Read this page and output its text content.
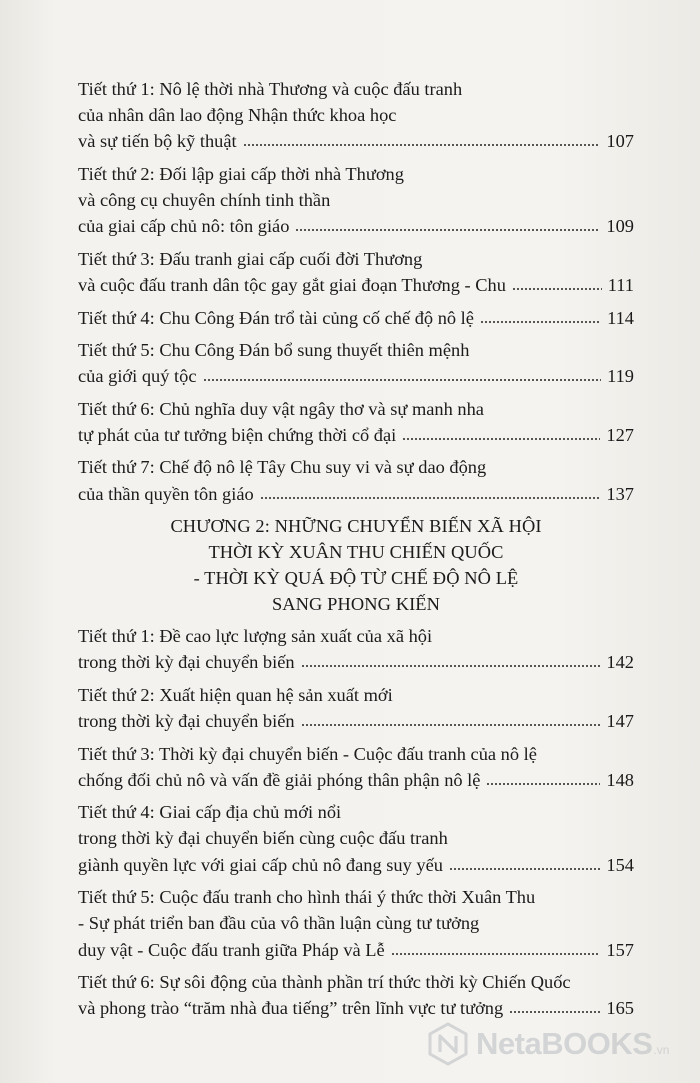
Tiết thứ 1: Nô lệ thời nhà Thương và cuộc đấu tranh
của nhân dân lao động Nhận thức khoa học
và sự tiến bộ kỹ thuật	107
Tiết thứ 2: Đối lập giai cấp thời nhà Thương
và công cụ chuyên chính tinh thần
của giai cấp chủ nô: tôn giáo	109
Tiết thứ 3: Đấu tranh giai cấp cuối đời Thương
và cuộc đấu tranh dân tộc gay gắt giai đoạn Thương - Chu	111
Tiết thứ 4: Chu Công Đán trổ tài củng cố chế độ nô lệ	114
Tiết thứ 5: Chu Công Đán bổ sung thuyết thiên mệnh
của giới quý tộc	119
Tiết thứ 6: Chủ nghĩa duy vật ngây thơ và sự manh nha
tự phát của tư tưởng biện chứng thời cổ đại	127
Tiết thứ 7: Chế độ nô lệ Tây Chu suy vi và sự dao động
của thần quyền tôn giáo	137
CHƯƠNG 2: NHỮNG CHUYỂN BIẾN XÃ HỘI
THỜI KỲ XUÂN THU CHIẾN QUỐC
- THỜI KỲ QUÁ ĐỘ TỪ CHẾ ĐỘ NÔ LỆ
SANG PHONG KIẾN
Tiết thứ 1: Đề cao lực lượng sản xuất của xã hội
trong thời kỳ đại chuyển biến	142
Tiết thứ 2: Xuất hiện quan hệ sản xuất mới
trong thời kỳ đại chuyển biến	147
Tiết thứ 3: Thời kỳ đại chuyển biến - Cuộc đấu tranh của nô lệ
chống đối chủ nô và vấn đề giải phóng thân phận nô lệ	148
Tiết thứ 4: Giai cấp địa chủ mới nổi
trong thời kỳ đại chuyển biến cùng cuộc đấu tranh
giành quyền lực với giai cấp chủ nô đang suy yếu	154
Tiết thứ 5: Cuộc đấu tranh cho hình thái ý thức thời Xuân Thu
- Sự phát triển ban đầu của vô thần luận cùng tư tưởng
duy vật - Cuộc đấu tranh giữa Pháp và Lễ	157
Tiết thứ 6: Sự sôi động của thành phần trí thức thời kỳ Chiến Quốc
và phong trào “trăm nhà đua tiếng” trên lĩnh vực tư tưởng	165
NetaBOOKS .vn
